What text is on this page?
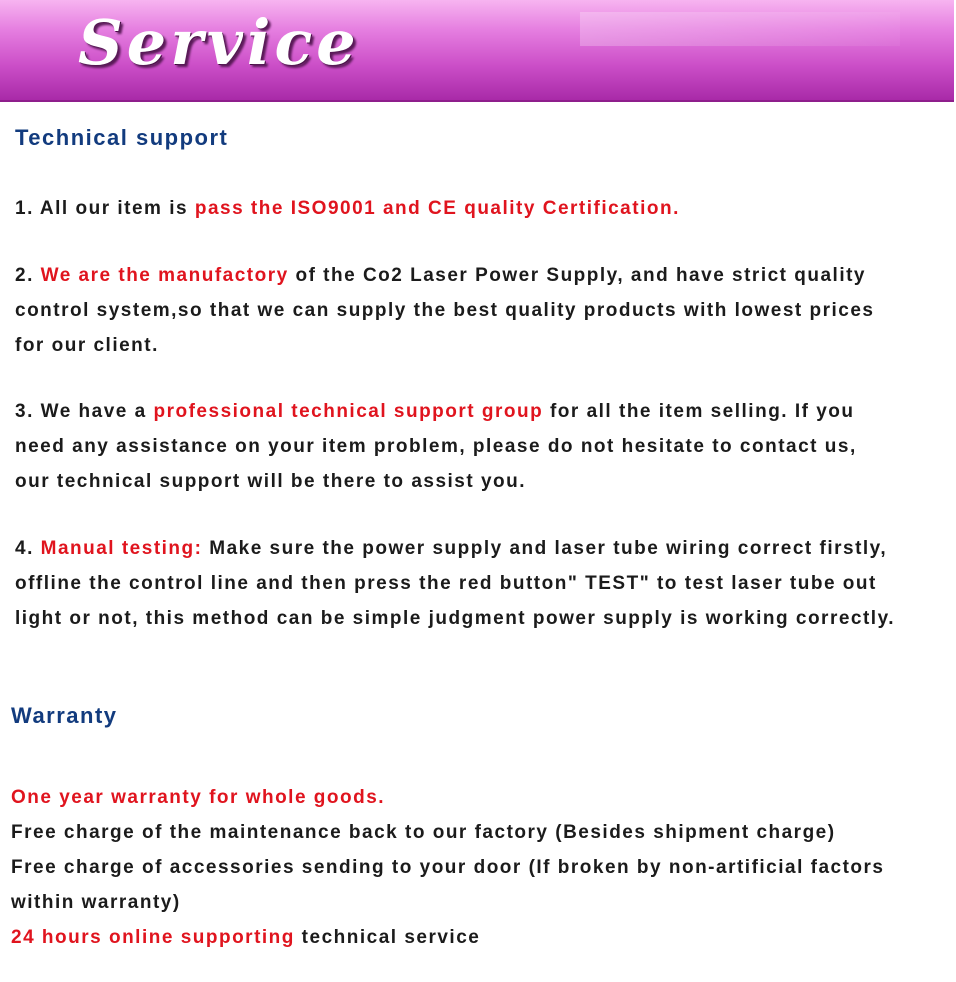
Service
Technical support
1. All our item is pass the ISO9001 and CE quality Certification.
2. We are the manufactory of the Co2 Laser Power Supply, and have strict quality
control system,so that we can supply the best quality products with lowest prices
for our client.
3. We have a professional technical support group for all the item selling. If you
need any assistance on your item problem, please do not hesitate to contact us,
our technical support will be there to assist you.
4. Manual testing: Make sure the power supply and laser tube wiring correct firstly,
offline the control line and then press the red button" TEST" to test laser tube out
light or not, this method can be simple judgment power supply is working correctly.
Warranty
One year warranty for whole goods.
Free charge of the maintenance back to our factory (Besides shipment charge)
Free charge of accessories sending to your door (If broken by non-artificial factors
within warranty)
24 hours online supporting technical service
